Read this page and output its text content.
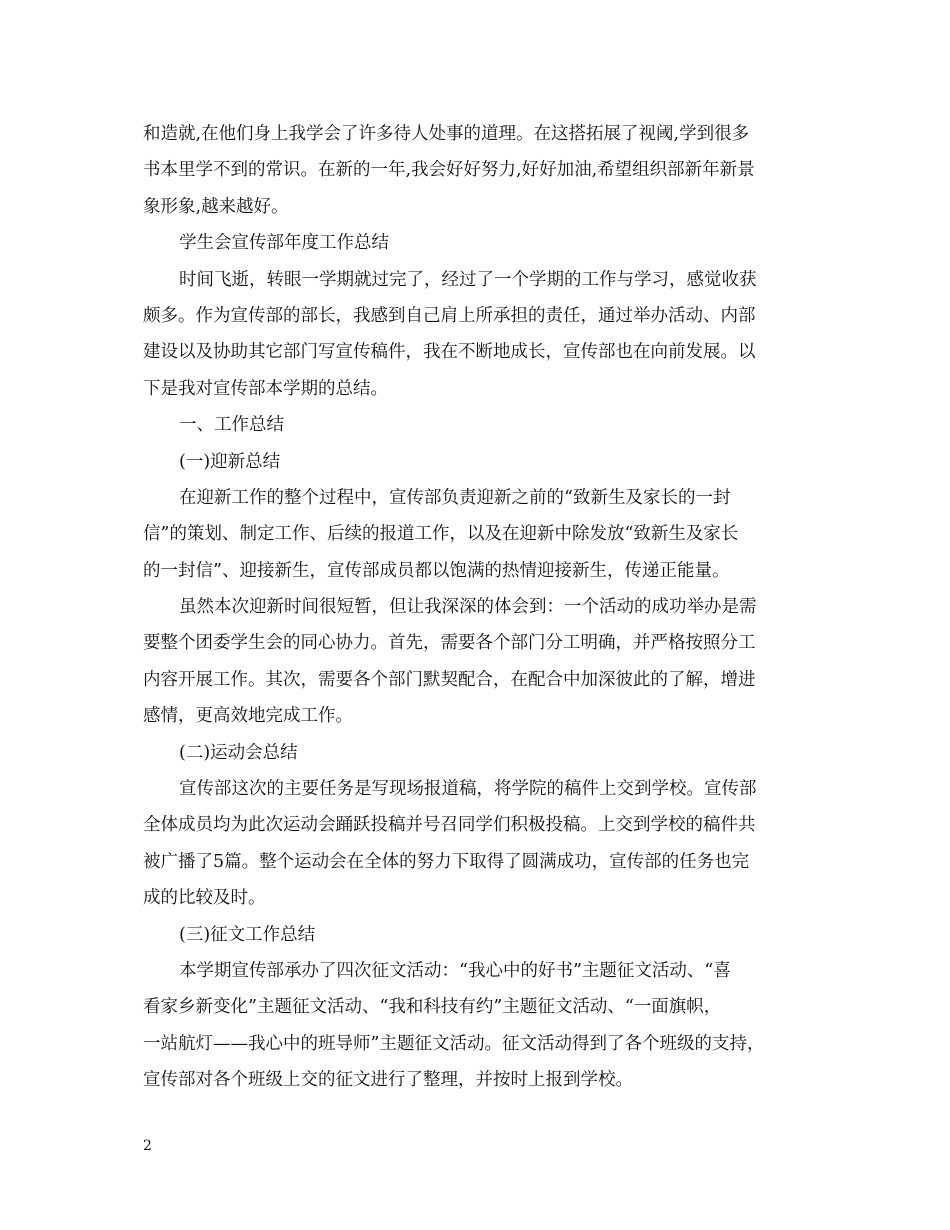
和造就,在他们身上我学会了许多待人处事的道理。在这搭拓展了视阈,学到很多
书本里学不到的常识。在新的一年,我会好好努力,好好加油,希望组织部新年新景
象形象,越来越好。
学生会宣传部年度工作总结
时间飞逝，转眼一学期就过完了，经过了一个学期的工作与学习，感觉收获
颇多。作为宣传部的部长，我感到自己肩上所承担的责任，通过举办活动、内部
建设以及协助其它部门写宣传稿件，我在不断地成长，宣传部也在向前发展。以
下是我对宣传部本学期的总结。
一、工作总结
(一)迎新总结
在迎新工作的整个过程中，宣传部负责迎新之前的“致新生及家长的一封
信”的策划、制定工作、后续的报道工作，以及在迎新中除发放“致新生及家长
的一封信”、迎接新生，宣传部成员都以饱满的热情迎接新生，传递正能量。
虽然本次迎新时间很短暂，但让我深深的体会到：一个活动的成功举办是需
要整个团委学生会的同心协力。首先，需要各个部门分工明确，并严格按照分工
内容开展工作。其次，需要各个部门默契配合，在配合中加深彼此的了解，增进
感情，更高效地完成工作。
(二)运动会总结
宣传部这次的主要任务是写现场报道稿，将学院的稿件上交到学校。宣传部
全体成员均为此次运动会踊跃投稿并号召同学们积极投稿。上交到学校的稿件共
被广播了5篇。整个运动会在全体的努力下取得了圆满成功，宣传部的任务也完
成的比较及时。
(三)征文工作总结
本学期宣传部承办了四次征文活动：“我心中的好书”主题征文活动、“喜
看家乡新变化”主题征文活动、“我和科技有约”主题征文活动、“一面旗帜，
一站航灯——我心中的班导师”主题征文活动。征文活动得到了各个班级的支持，
宣传部对各个班级上交的征文进行了整理，并按时上报到学校。
2
